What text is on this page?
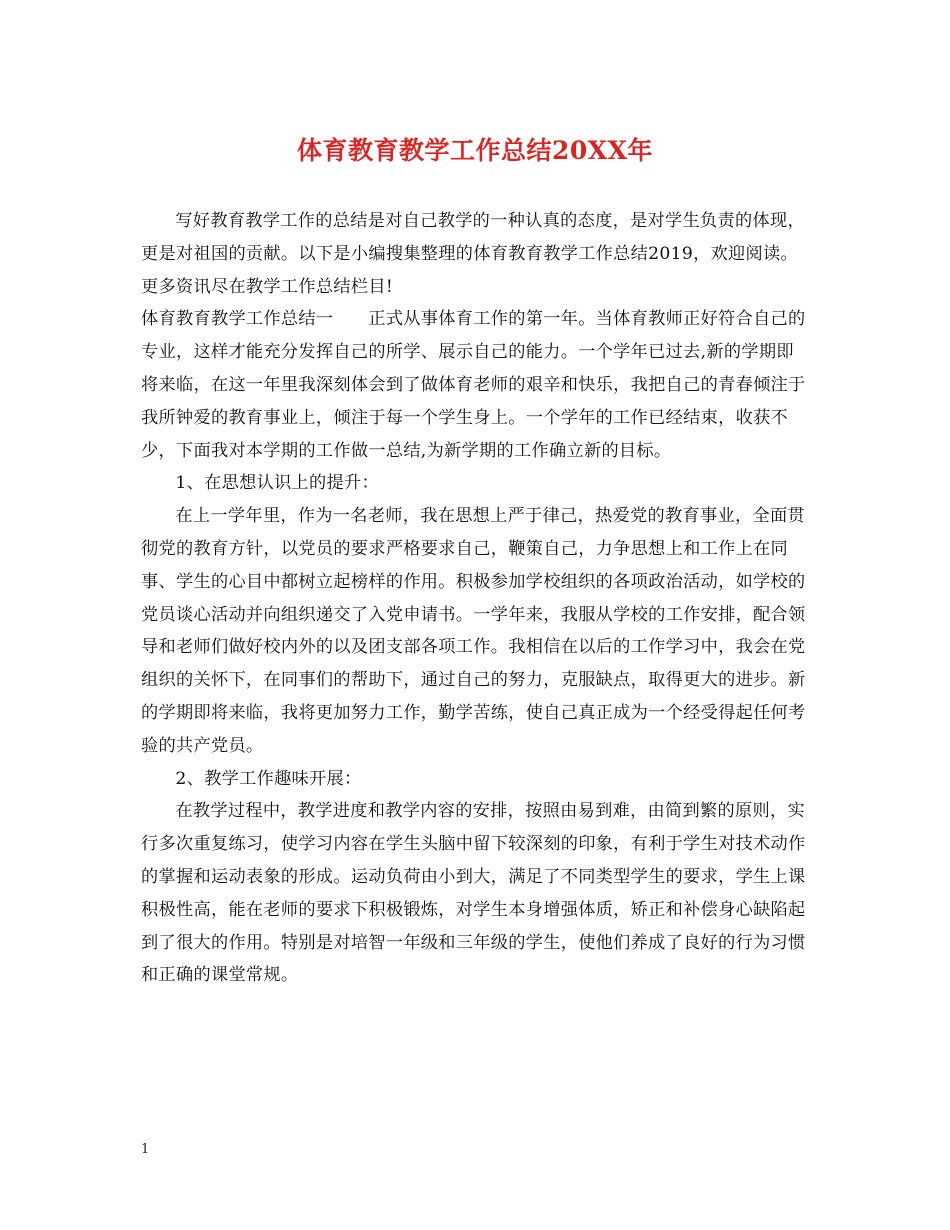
体育教育教学工作总结20XX年

写好教育教学工作的总结是对自己教学的一种认真的态度，是对学生负责的体现，更是对祖国的贡献。以下是小编搜集整理的体育教育教学工作总结2019，欢迎阅读。更多资讯尽在教学工作总结栏目!

体育教育教学工作总结一　　正式从事体育工作的第一年。当体育教师正好符合自己的专业，这样才能充分发挥自己的所学、展示自己的能力。一个学年已过去,新的学期即将来临，在这一年里我深刻体会到了做体育老师的艰辛和快乐，我把自己的青春倾注于我所钟爱的教育事业上，倾注于每一个学生身上。一个学年的工作已经结束，收获不少，下面我对本学期的工作做一总结,为新学期的工作确立新的目标。

1、在思想认识上的提升：

在上一学年里，作为一名老师，我在思想上严于律己，热爱党的教育事业，全面贯彻党的教育方针，以党员的要求严格要求自己，鞭策自己，力争思想上和工作上在同事、学生的心目中都树立起榜样的作用。积极参加学校组织的各项政治活动，如学校的党员谈心活动并向组织递交了入党申请书。一学年来，我服从学校的工作安排，配合领导和老师们做好校内外的以及团支部各项工作。我相信在以后的工作学习中，我会在党组织的关怀下，在同事们的帮助下，通过自己的努力，克服缺点，取得更大的进步。新的学期即将来临，我将更加努力工作，勤学苦练，使自己真正成为一个经受得起任何考验的共产党员。

2、教学工作趣味开展：

在教学过程中，教学进度和教学内容的安排，按照由易到难，由简到繁的原则，实行多次重复练习，使学习内容在学生头脑中留下较深刻的印象，有利于学生对技术动作的掌握和运动表象的形成。运动负荷由小到大，满足了不同类型学生的要求，学生上课积极性高，能在老师的要求下积极锻炼，对学生本身增强体质，矫正和补偿身心缺陷起到了很大的作用。特别是对培智一年级和三年级的学生，使他们养成了良好的行为习惯和正确的课堂常规。

1
